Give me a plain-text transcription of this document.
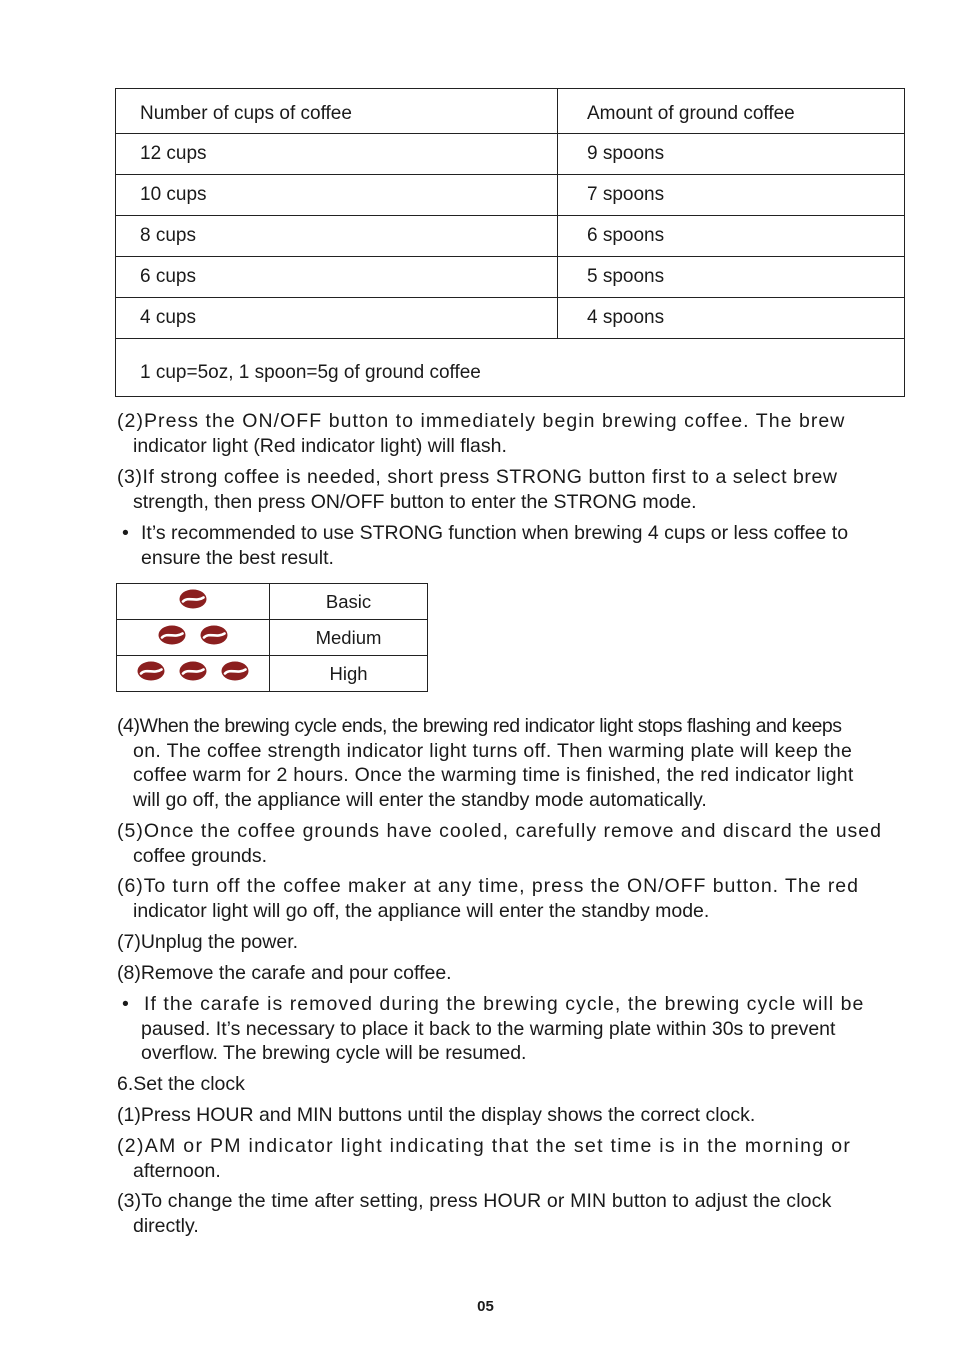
Number of cups of coffee	Amount of ground coffee
12 cups	9 spoons
10 cups	7 spoons
8 cups	6 spoons
6 cups	5 spoons
4 cups	4 spoons
1 cup=5oz, 1 spoon=5g of ground coffee	

(2)Press the ON/OFF button to immediately begin brewing coffee. The brew
indicator light (Red indicator light) will flash.

(3)If strong coffee is needed, short press STRONG button first to a select brew
strength, then press ON/OFF button to enter the STRONG mode.

• It’s recommended to use STRONG function when brewing 4 cups or less coffee to
ensure the best result.

	Basic

	Medium

	High

(4)When the brewing cycle ends, the brewing red indicator light stops flashing and keeps
on. The coffee strength indicator light turns off. Then warming plate will keep the
coffee warm for 2 hours. Once the warming time is finished, the red indicator light
will go off, the appliance will enter the standby mode automatically.

(5)Once the coffee grounds have cooled, carefully remove and discard the used
coffee grounds.

(6)To turn off the coffee maker at any time, press the ON/OFF button. The red
indicator light will go off, the appliance will enter the standby mode.

(7)Unplug the power.

(8)Remove the carafe and pour coffee.

• If the carafe is removed during the brewing cycle, the brewing cycle will be
paused. It’s necessary to place it back to the warming plate within 30s to prevent
overflow. The brewing cycle will be resumed.

6.Set the clock

(1)Press HOUR and MIN buttons until the display shows the correct clock.

(2)AM or PM indicator light indicating that the set time is in the morning or
afternoon.

(3)To change the time after setting, press HOUR or MIN button to adjust the clock
directly.

05
